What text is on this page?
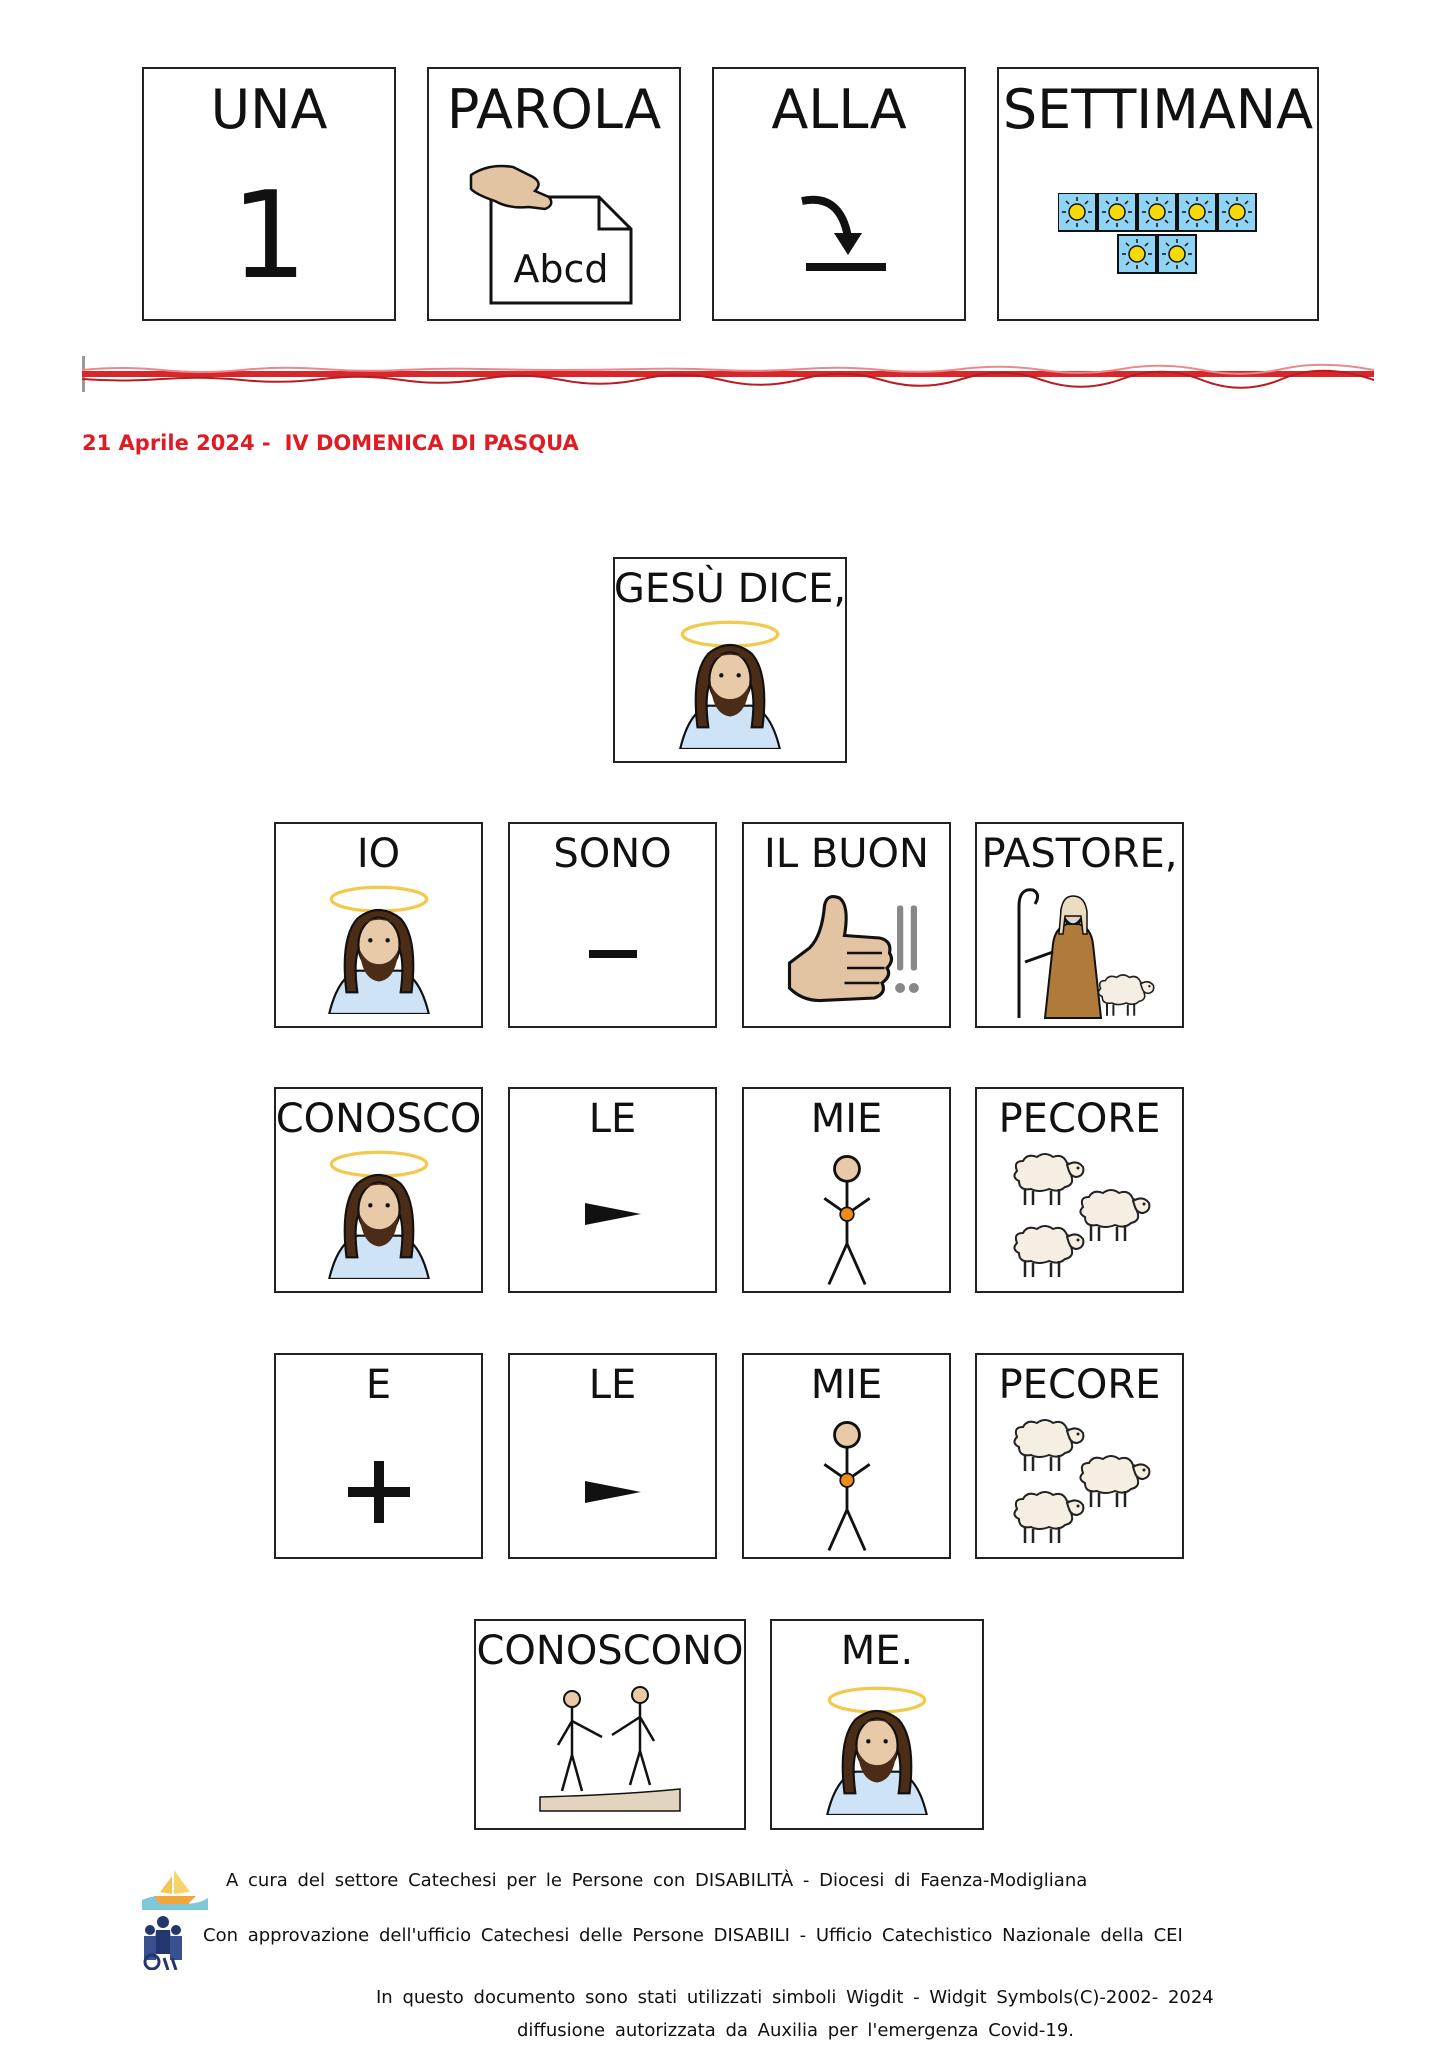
UNA
1
PAROLA
Abcd
ALLA SETTIMANA
21 Aprile 2024 - IV DOMENICA DI PASQUA
GESÙ DICE,
IO	SONO IL BUON PASTORE,
CONOSCO	LE	MIE	PECORE
E	LE	MIE	PECORE
CONOSCONO ME.
A cura del settore Catechesi per le Persone con DISABILITÀ - Diocesi di Faenza-Modigliana
Con approvazione dell'ufficio Catechesi delle Persone DISABILI - Ufficio Catechistico Nazionale della CEI
In questo documento sono stati utilizzati simboli Wigdit - Widgit Symbols(C)-2002- 2024
diffusione autorizzata da Auxilia per l'emergenza Covid-19.
